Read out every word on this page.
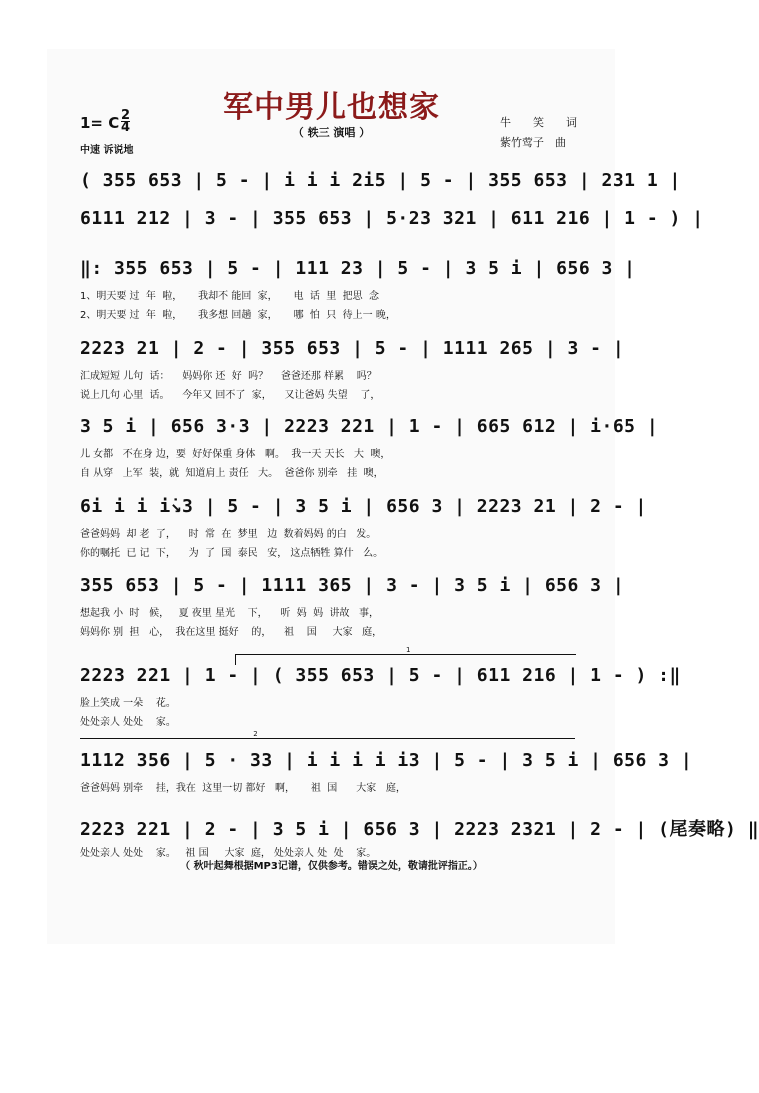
军中男儿也想家
（ 轶三 演唱 ）
牛　　笑　　词
紫竹莺子　曲
1= C 2
4
中速 诉说地
( 355 653 | 5 - | i i i 2i5 | 5 - | 355 653 | 231 1 |
6111 212 | 3 - | 355 653 | 5·23 321 | 611 216 | 1 - ) |
‖: 355 653 | 5 - | 111 23 | 5 - | 3 5 i | 656 3 |
1、明天要 过  年  啦，     我却不 能回  家，     电  话  里  把思  念
2、明天要 过  年  啦，     我多想 回趟  家，     哪  怕  只  待上一 晚，
2223 21 | 2 - | 355 653 | 5 - | 1111 265 | 3 - |
汇成短短 儿句  话：    妈妈你 还  好  吗？    爸爸还那 样累    吗？
说上几句 心里  话。    今年又 回不了  家，    又让爸妈 失望    了，
3 5 i | 656 3·3 | 2223 221 | 1 - | 665 612 | i·65 |
儿 女都   不在身 边，要  好好保重 身体   啊。  我一天 天长   大  噢，
自 从穿   上军  装，就  知道肩上 责任   大。  爸爸你 别牵   挂  噢，
6i i i i̇↘3 | 5 - | 3 5 i | 656 3 | 2223 21 | 2 - |
爸爸妈妈  却 老  了，    时  常  在  梦里   边  数着妈妈 的白   发。
你的嘱托  已 记  下，    为  了  国  泰民   安， 这点牺牲 算什   么。
355 653 | 5 - | 1111 365 | 3 - | 3 5 i | 656 3 |
想起我 小  时   候，   夏 夜里 星光    下，    听  妈  妈  讲故   事，
妈妈你 别  担   心，  我在这里 挺好    的，    祖    国     大家   庭，
2223 221 | 1 - | ( 355 653 | 5 - | 611 216 | 1 - ) :‖
脸上笑成 一朵    花。
处处亲人 处处    家。
1112 356 | 5 · 33 | i i i i i3 | 5 - | 3 5 i | 656 3 |
爸爸妈妈 别牵    挂，我在  这里一切 都好   啊，     祖  国      大家   庭，
2223 221 | 2 - | 3 5 i | 656 3 | 2223 2321 | 2 - | (尾奏略) ‖
处处亲人 处处    家。   祖 国     大家  庭， 处处亲人 处  处    家。
1
2
（ 秋叶起舞根据MP3记谱，仅供参考。错误之处，敬请批评指正。）
